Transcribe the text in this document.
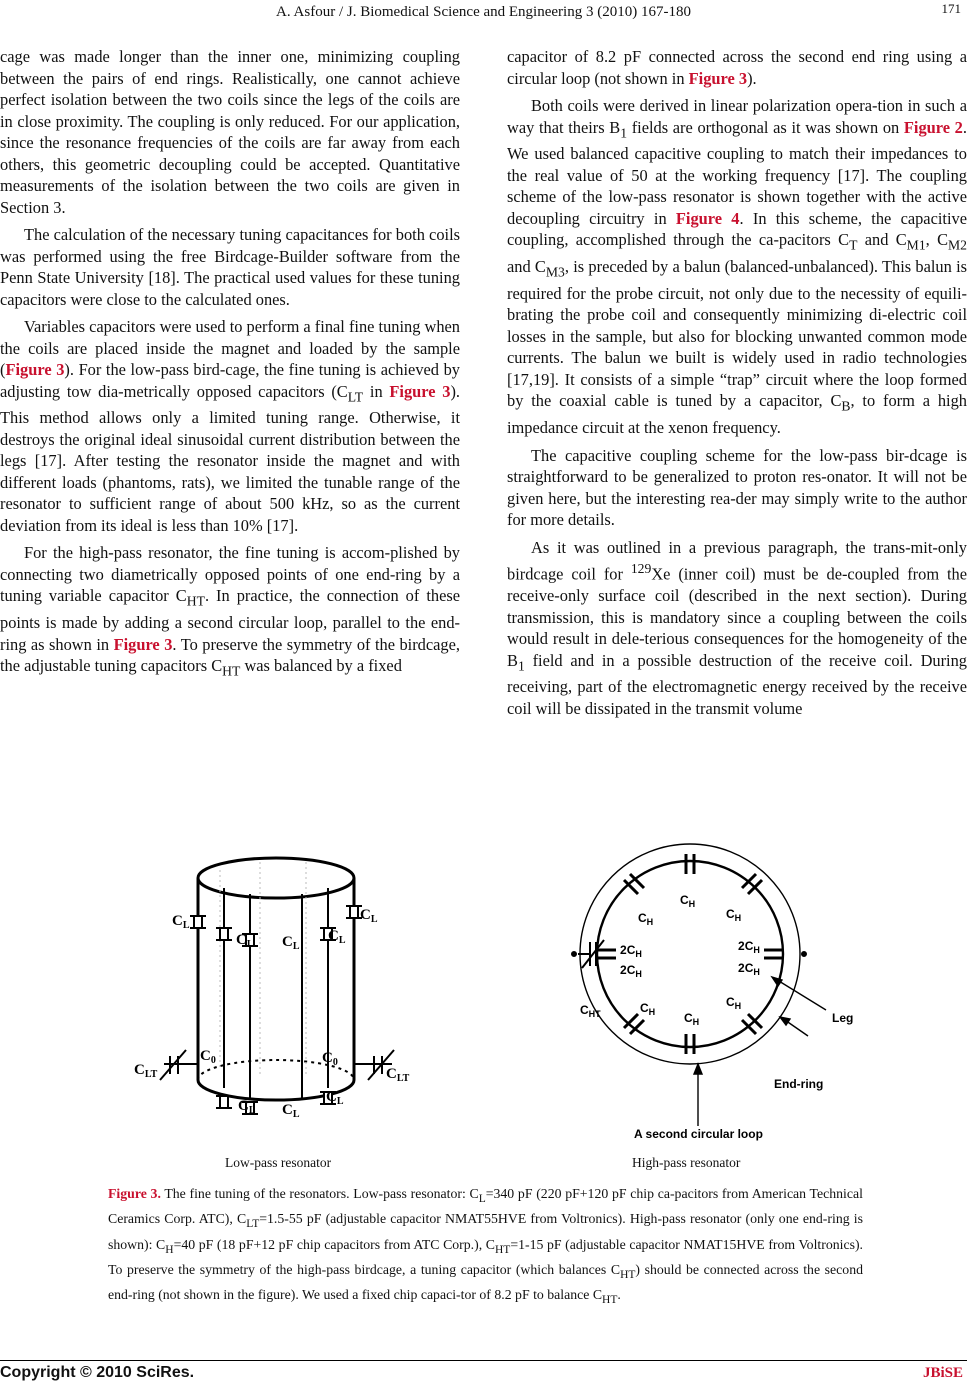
A. Asfour / J. Biomedical Science and Engineering 3 (2010) 167-180	171

cage was made longer than the inner one, minimizing coupling between the pairs of end rings. Realistically, one cannot achieve perfect isolation between the two coils since the legs of the coils are in close proximity. The coupling is only reduced. For our application, since the resonance frequencies of the coils are far away from each others, this geometric decoupling could be accepted. Quantitative measurements of the isolation between the two coils are given in Section 3.

The calculation of the necessary tuning capacitances for both coils was performed using the free Birdcage-Builder software from the Penn State University [18]. The practical used values for these tuning capacitors were close to the calculated ones.

Variables capacitors were used to perform a final fine tuning when the coils are placed inside the magnet and loaded by the sample (Figure 3). For the low-pass bird-cage, the fine tuning is achieved by adjusting tow dia-metrically opposed capacitors ($C_{LT}$ in Figure 3). This method allows only a limited tuning range. Otherwise, it destroys the original ideal sinusoidal current distribution between the legs [17]. After testing the resonator inside the magnet and with different loads (phantoms, rats), we limited the tunable range of the resonator to sufficient range of about 500 kHz, so as the current deviation from its ideal is less than 10% [17].

For the high-pass resonator, the fine tuning is accom-plished by connecting two diametrically opposed points of one end-ring by a tuning variable capacitor $C_{HT}$. In practice, the connection of these points is made by adding a second circular loop, parallel to the end-ring as shown in Figure 3. To preserve the symmetry of the birdcage, the adjustable tuning capacitors $C_{HT}$ was balanced by a fixed

capacitor of 8.2 pF connected across the second end ring using a circular loop (not shown in Figure 3).

Both coils were derived in linear polarization opera-tion in such a way that theirs $B_1$ fields are orthogonal as it was shown on Figure 2. We used balanced capacitive coupling to match their impedances to the real value of 50 at the working frequency [17]. The coupling scheme of the low-pass resonator is shown together with the active decoupling circuitry in Figure 4. In this scheme, the capacitive coupling, accomplished through the ca-pacitors $C_T$ and $C_{M1}$, $C_{M2}$ and $C_{M3}$, is preceded by a balun (balanced-unbalanced). This balun is required for the probe circuit, not only due to the necessity of equili-brating the probe coil and consequently minimizing di-electric coil losses in the sample, but also for blocking unwanted common mode currents. The balun we built is widely used in radio technologies [17,19]. It consists of a simple “trap” circuit where the loop formed by the coaxial cable is tuned by a capacitor, $C_B$, to form a high impedance circuit at the xenon frequency.

The capacitive coupling scheme for the low-pass bir-dcage is straightforward to be generalized to proton res-onator. It will not be given here, but the interesting rea-der may simply write to the author for more details.

As it was outlined in a previous paragraph, the trans-mit-only birdcage coil for $^{129}$Xe (inner coil) must be de-coupled from the receive-only surface coil (described in the next section). During transmission, this is mandatory since a coupling between the coils would result in dele-terious consequences for the homogeneity of the $B_1$ field and in a possible destruction of the receive coil. During receiving, part of the electromagnetic energy received by the receive coil will be dissipated in the transmit volume

$C_L$
$C_L$ $C_L$
$C_L$
$C_L$
$C_0$	$C_0$
$C_{LT}$	$C_{LT}$
$C_L$ $C_L$
$C_L$
$C_H$
$C_H$
$C_H$
$2C_H$
$2C_H$
$2C_H$
$2C_H$
$C_{HT}$	$C_H$
$C_H$
$C_H$	Leg
End-ring
A second circular loop
Low-pass resonator	High-pass resonator
Figure 3. The fine tuning of the resonators. Low-pass resonator: $C_L=340$ pF (220 pF+120 pF chip ca-pacitors from American Technical Ceramics Corp. ATC), $C_{LT}=1.5-55$ pF (adjustable capacitor NMAT55HVE from Voltronics). High-pass resonator (only one end-ring is shown): $C_H=40$ pF (18 pF+12 pF chip capacitors from ATC Corp.), $C_{HT}=1-15$ pF (adjustable capacitor NMAT15HVE from Voltronics). To preserve the symmetry of the high-pass birdcage, a tuning capacitor (which balances $C_{HT}$) should be connected across the second end-ring (not shown in the figure). We used a fixed chip capaci-tor of 8.2 pF to balance $C_{HT}$.
Copyright © 2010 SciRes.	JBiSE
